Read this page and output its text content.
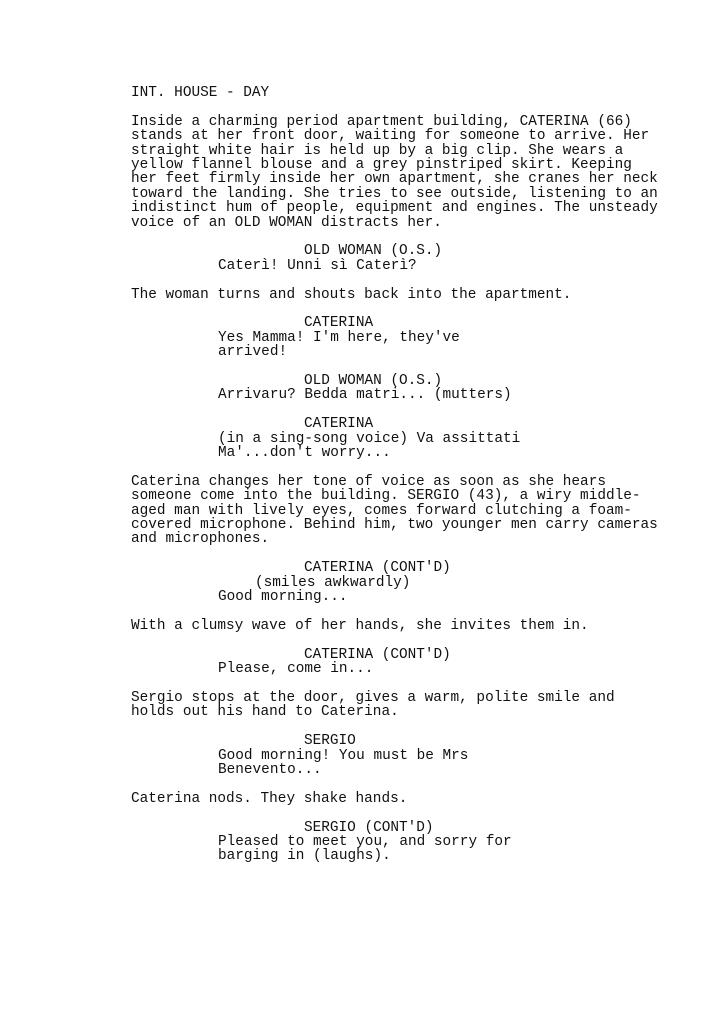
INT. HOUSE - DAY
Inside a charming period apartment building, CATERINA (66)
stands at her front door, waiting for someone to arrive. Her
straight white hair is held up by a big clip. She wears a
yellow flannel blouse and a grey pinstriped skirt. Keeping
her feet firmly inside her own apartment, she cranes her neck
toward the landing. She tries to see outside, listening to an
indistinct hum of people, equipment and engines. The unsteady
voice of an OLD WOMAN distracts her.
OLD WOMAN (O.S.)
Caterì! Unni sì Caterì?
The woman turns and shouts back into the apartment.
CATERINA
Yes Mamma! I'm here, they've
arrived!
OLD WOMAN (O.S.)
Arrivaru? Bedda matri... (mutters)
CATERINA
(in a sing-song voice) Va assittati
Ma'...don't worry...
Caterina changes her tone of voice as soon as she hears
someone come into the building. SERGIO (43), a wiry middle-
aged man with lively eyes, comes forward clutching a foam-
covered microphone. Behind him, two younger men carry cameras
and microphones.
CATERINA (CONT'D)
(smiles awkwardly)
Good morning...
With a clumsy wave of her hands, she invites them in.
CATERINA (CONT'D)
Please, come in...
Sergio stops at the door, gives a warm, polite smile and
holds out his hand to Caterina.
SERGIO
Good morning! You must be Mrs
Benevento...
Caterina nods. They shake hands.
SERGIO (CONT'D)
Pleased to meet you, and sorry for
barging in (laughs).
